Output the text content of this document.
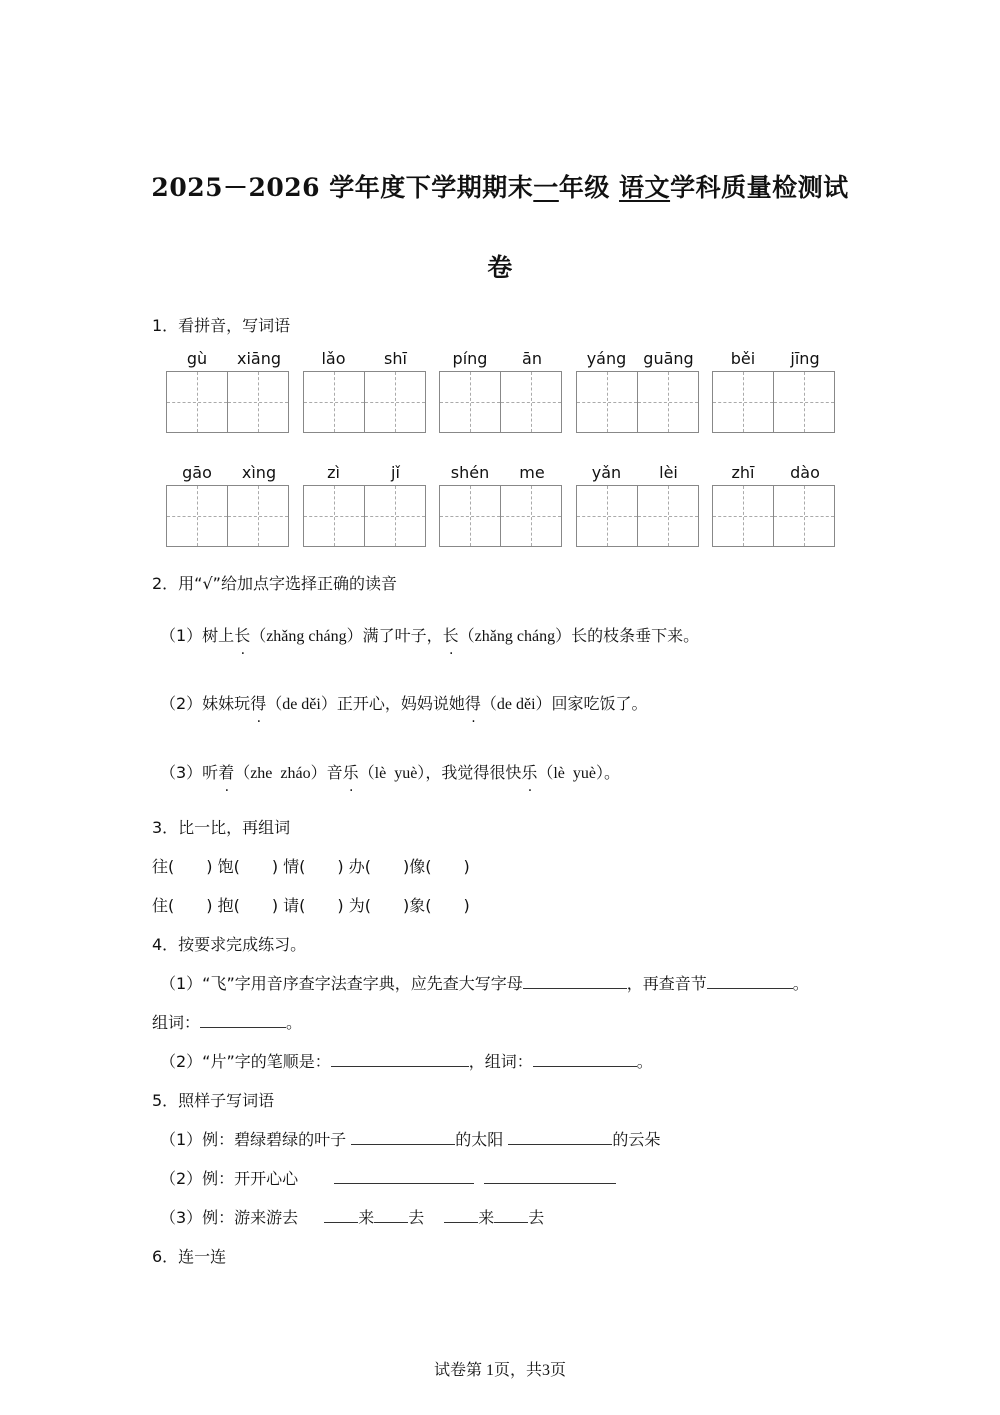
2025－2026 学年度下学期期末一年级 语文学科质量检测试
卷
1．看拼音，写词语
gù	xiāng	lǎo	shī	píng	ān	yáng	guāng	běi	jīng
gāo	xìng	zì	jǐ	shén	me	yǎn	lèi	zhī	dào
2．用“√”给加点字选择正确的读音
（1）树上长（zhǎng cháng）满了叶子，长（zhǎng cháng）长的枝条垂下来。
（2）妹妹玩得（de děi）正开心，妈妈说她得（de děi）回家吃饭了。
（3）听着（zhe  zháo）音乐（lè  yuè），我觉得很快乐（lè  yuè）。
3．比一比，再组词
往(　　) 饱(　　) 情(　　) 办(　　)像(　　)
住(　　) 抱(　　) 请(　　) 为(　　)象(　　)
4．按要求完成练习。
（1）“飞”字用音序查字法查字典，应先查大写字母	，再查音节	。
组词：	。
（2）“片”字的笔顺是：	，组词：	。
5．照样子写词语
（1）例：碧绿碧绿的叶子	的太阳	的云朵
（2）例：开开心心
（3）例：游来游去	来 去	来 去
6．连一连
试卷第 1页，共3页
